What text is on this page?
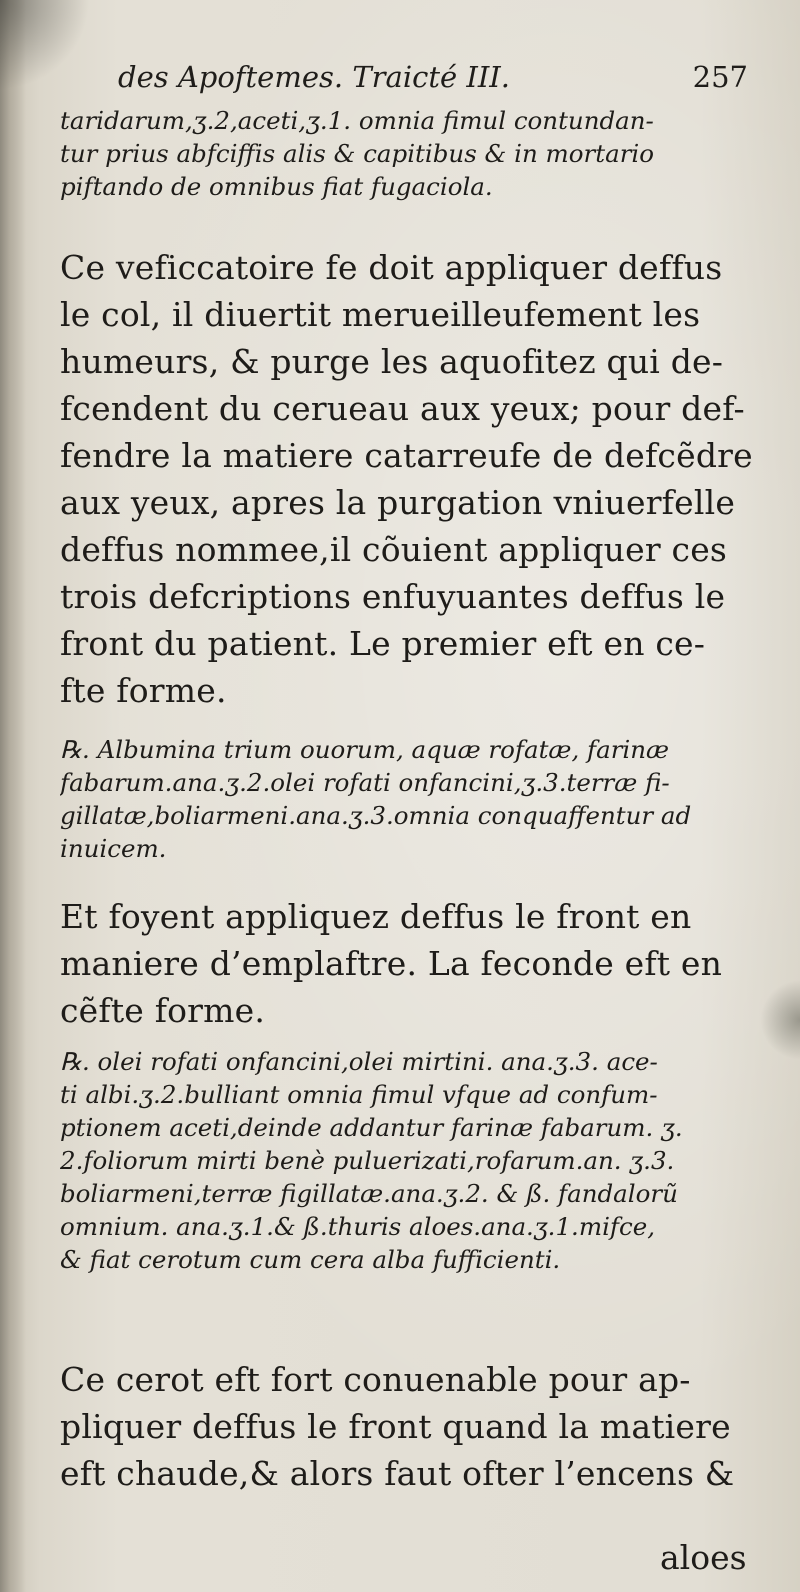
des Apoftemes. Traicté III.	257
taridarum,ʒ.2,aceti,ʒ.1. omnia fimul contundan-
tur prius abfciffis alis & capitibus & in mortario
piftando de omnibus fiat fugaciola.
Ce veficcatoire fe doit appliquer deffus
le col, il diuertit merueilleufement les
humeurs, & purge les aquofitez qui de-
fcendent du cerueau aux yeux; pour def-
fendre la matiere catarreufe de defcẽdre
aux yeux, apres la purgation vniuerfelle
deffus nommee,il cõuient appliquer ces
trois defcriptions enfuyuantes deffus le
front du patient. Le premier eft en ce-
fte forme.
℞. Albumina trium ouorum, aquæ rofatæ, farinæ
fabarum.ana.ʒ.2.olei rofati onfancini,ʒ.3.terræ fi-
gillatæ,boliarmeni.ana.ʒ.3.omnia conquaffentur ad
inuicem.
Et foyent appliquez deffus le front en
maniere d’emplaftre. La feconde eft en
cẽfte forme.
℞. olei rofati onfancini,olei mirtini. ana.ʒ.3. ace-
ti albi.ʒ.2.bulliant omnia fimul vfque ad confum-
ptionem aceti,deinde addantur farinæ fabarum. ʒ.
2.foliorum mirti benè puluerizati,rofarum.an. ʒ.3.
boliarmeni,terræ figillatæ.ana.ʒ.2. & ß. fandalorũ
omnium. ana.ʒ.1.& ß.thuris aloes.ana.ʒ.1.mifce,
& fiat cerotum cum cera alba fufficienti.
Ce cerot eft fort conuenable pour ap-
pliquer deffus le front quand la matiere
eft chaude,& alors faut ofter l’encens &
aloes
